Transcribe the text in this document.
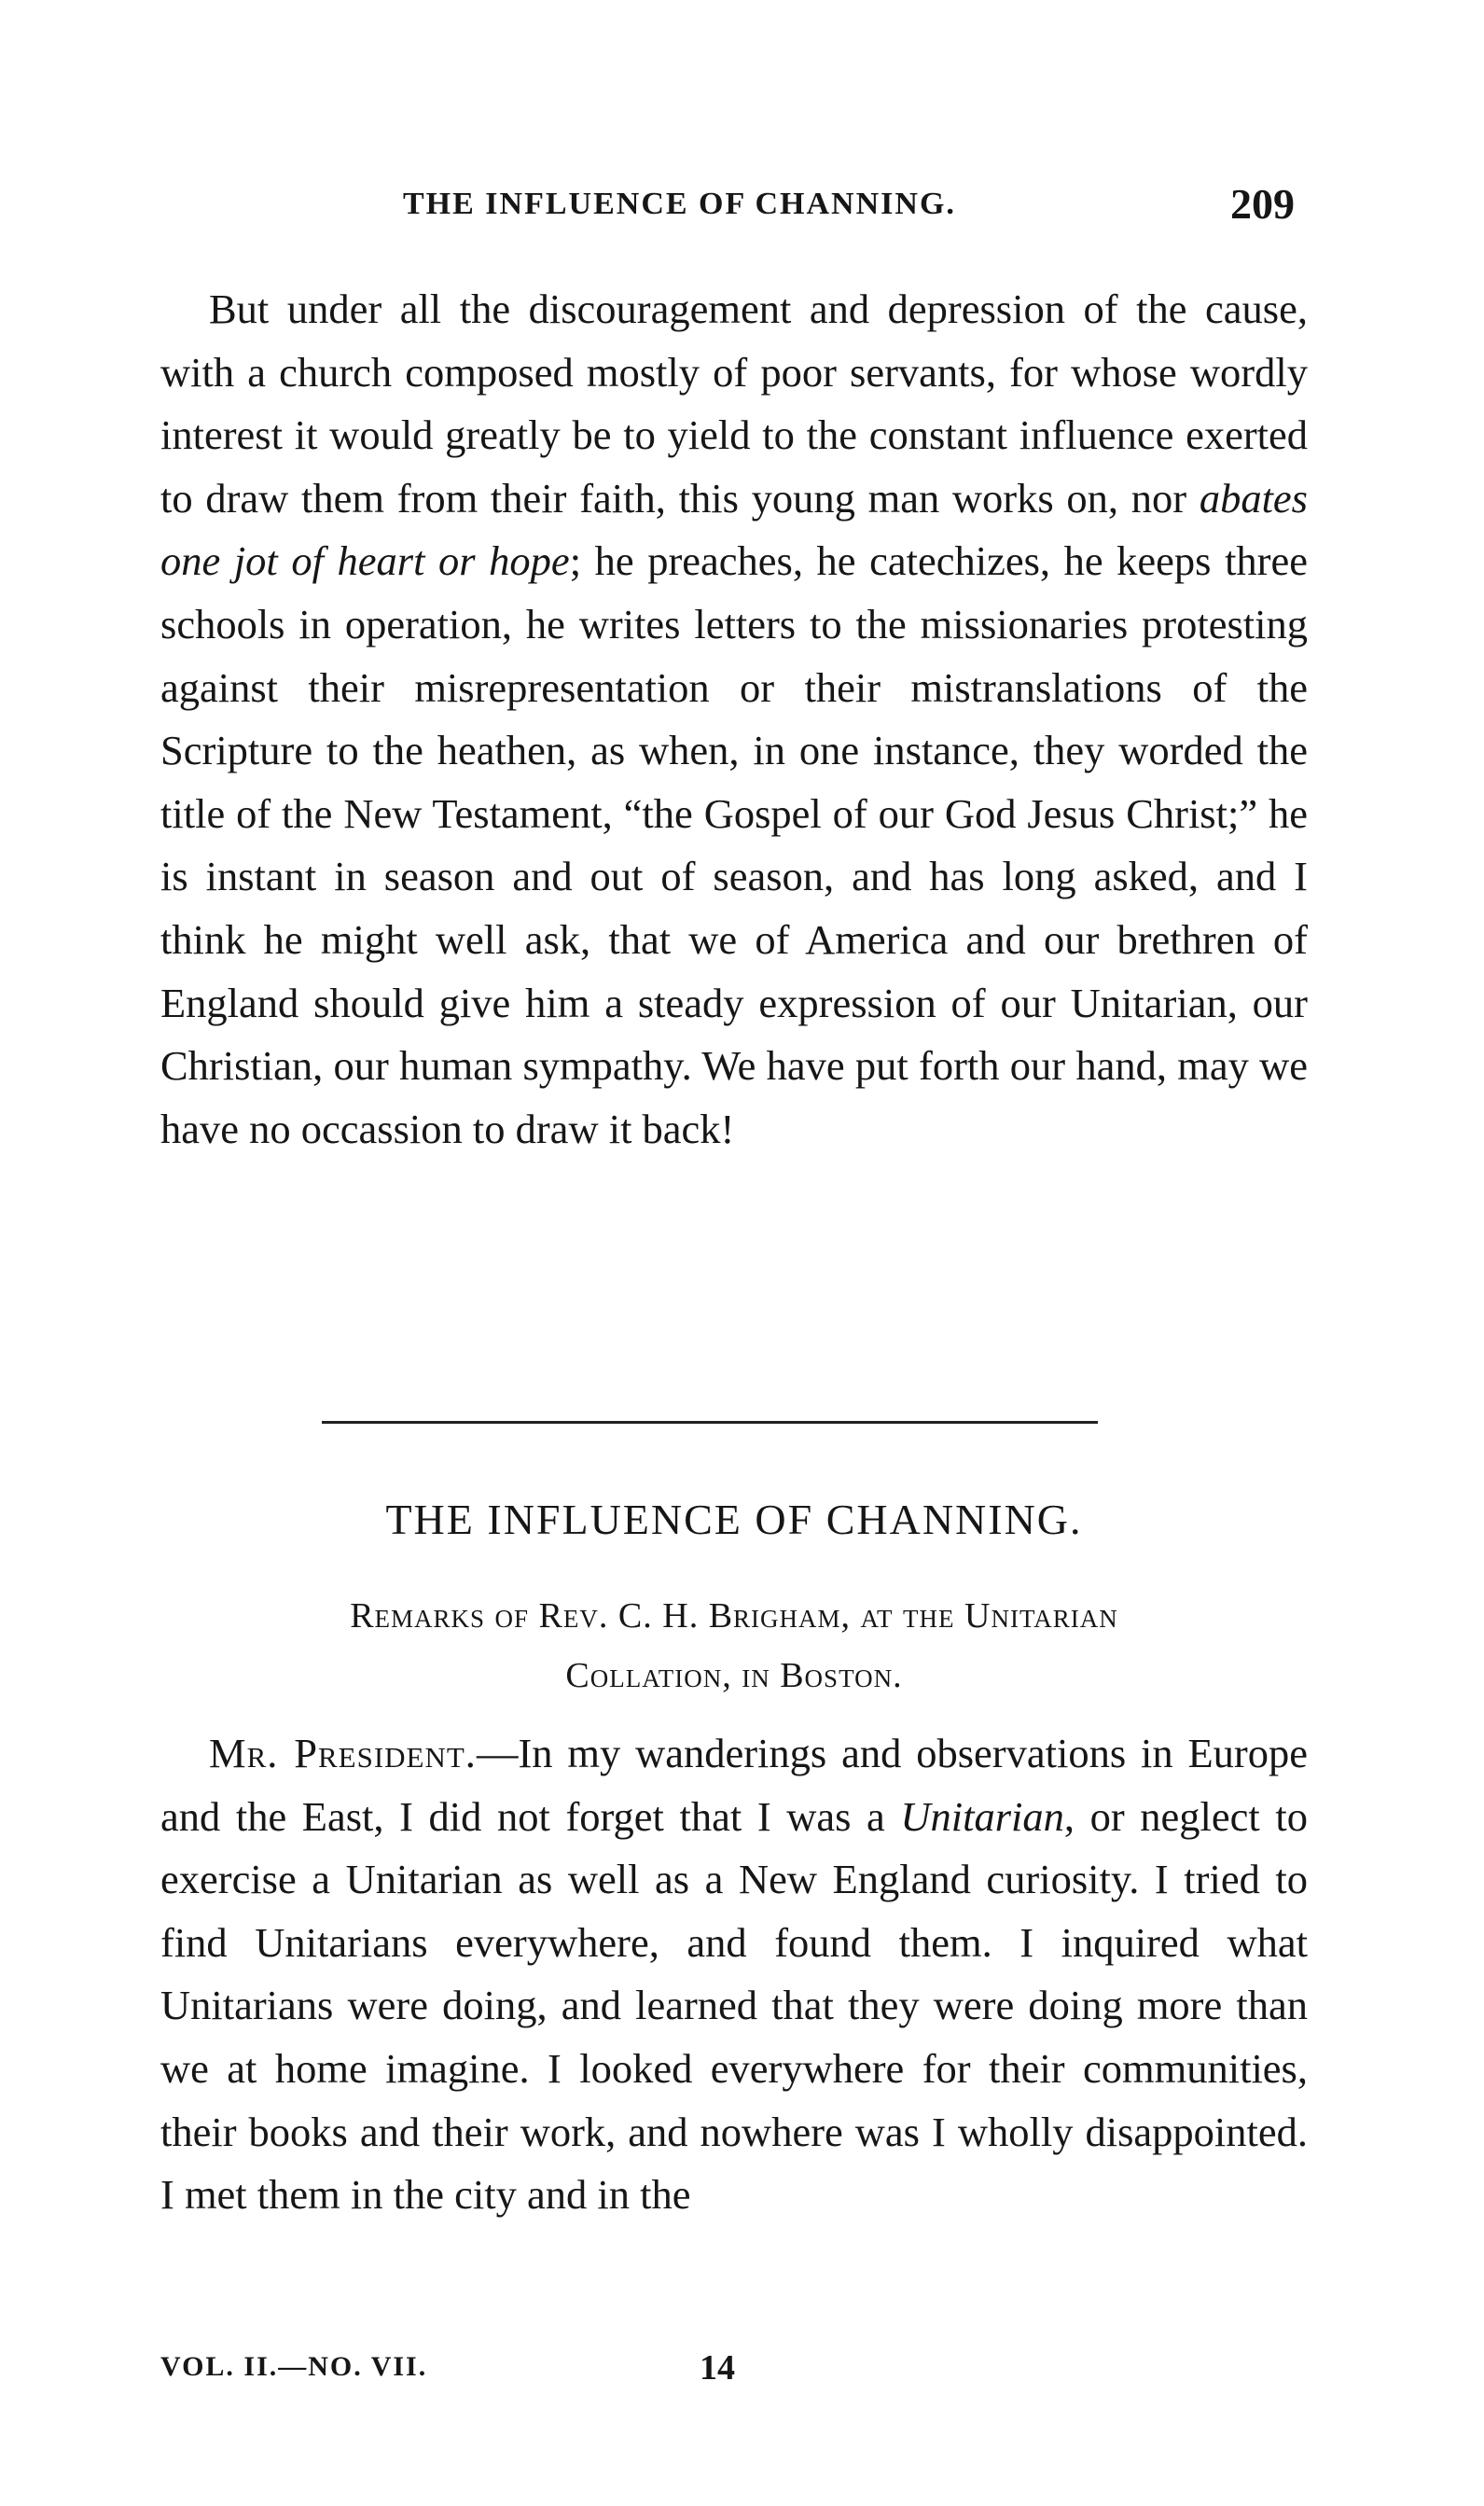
THE INFLUENCE OF CHANNING.	209

But under all the discouragement and depression of the cause, with a church composed mostly of poor servants, for whose wordly interest it would greatly be to yield to the constant influence exerted to draw them from their faith, this young man works on, nor abates one jot of heart or hope; he preaches, he catechizes, he keeps three schools in operation, he writes letters to the missionaries protesting against their misrepresentation or their mistranslations of the Scripture to the heathen, as when, in one instance, they worded the title of the New Testament, “the Gospel of our God Jesus Christ;” he is instant in season and out of season, and has long asked, and I think he might well ask, that we of America and our brethren of England should give him a steady expression of our Unitarian, our Christian, our human sympathy. We have put forth our hand, may we have no occassion to draw it back!

THE INFLUENCE OF CHANNING.

Remarks of Rev. C. H. Brigham, at the Unitarian
Collation, in Boston.

Mr. President.—In my wanderings and observations in Europe and the East, I did not forget that I was a Unitarian, or neglect to exercise a Unitarian as well as a New England curiosity. I tried to find Unitarians everywhere, and found them. I inquired what Unitarians were doing, and learned that they were doing more than we at home imagine. I looked everywhere for their communities, their books and their work, and nowhere was I wholly disappointed. I met them in the city and in the

VOL. II.—NO. VII.	14
